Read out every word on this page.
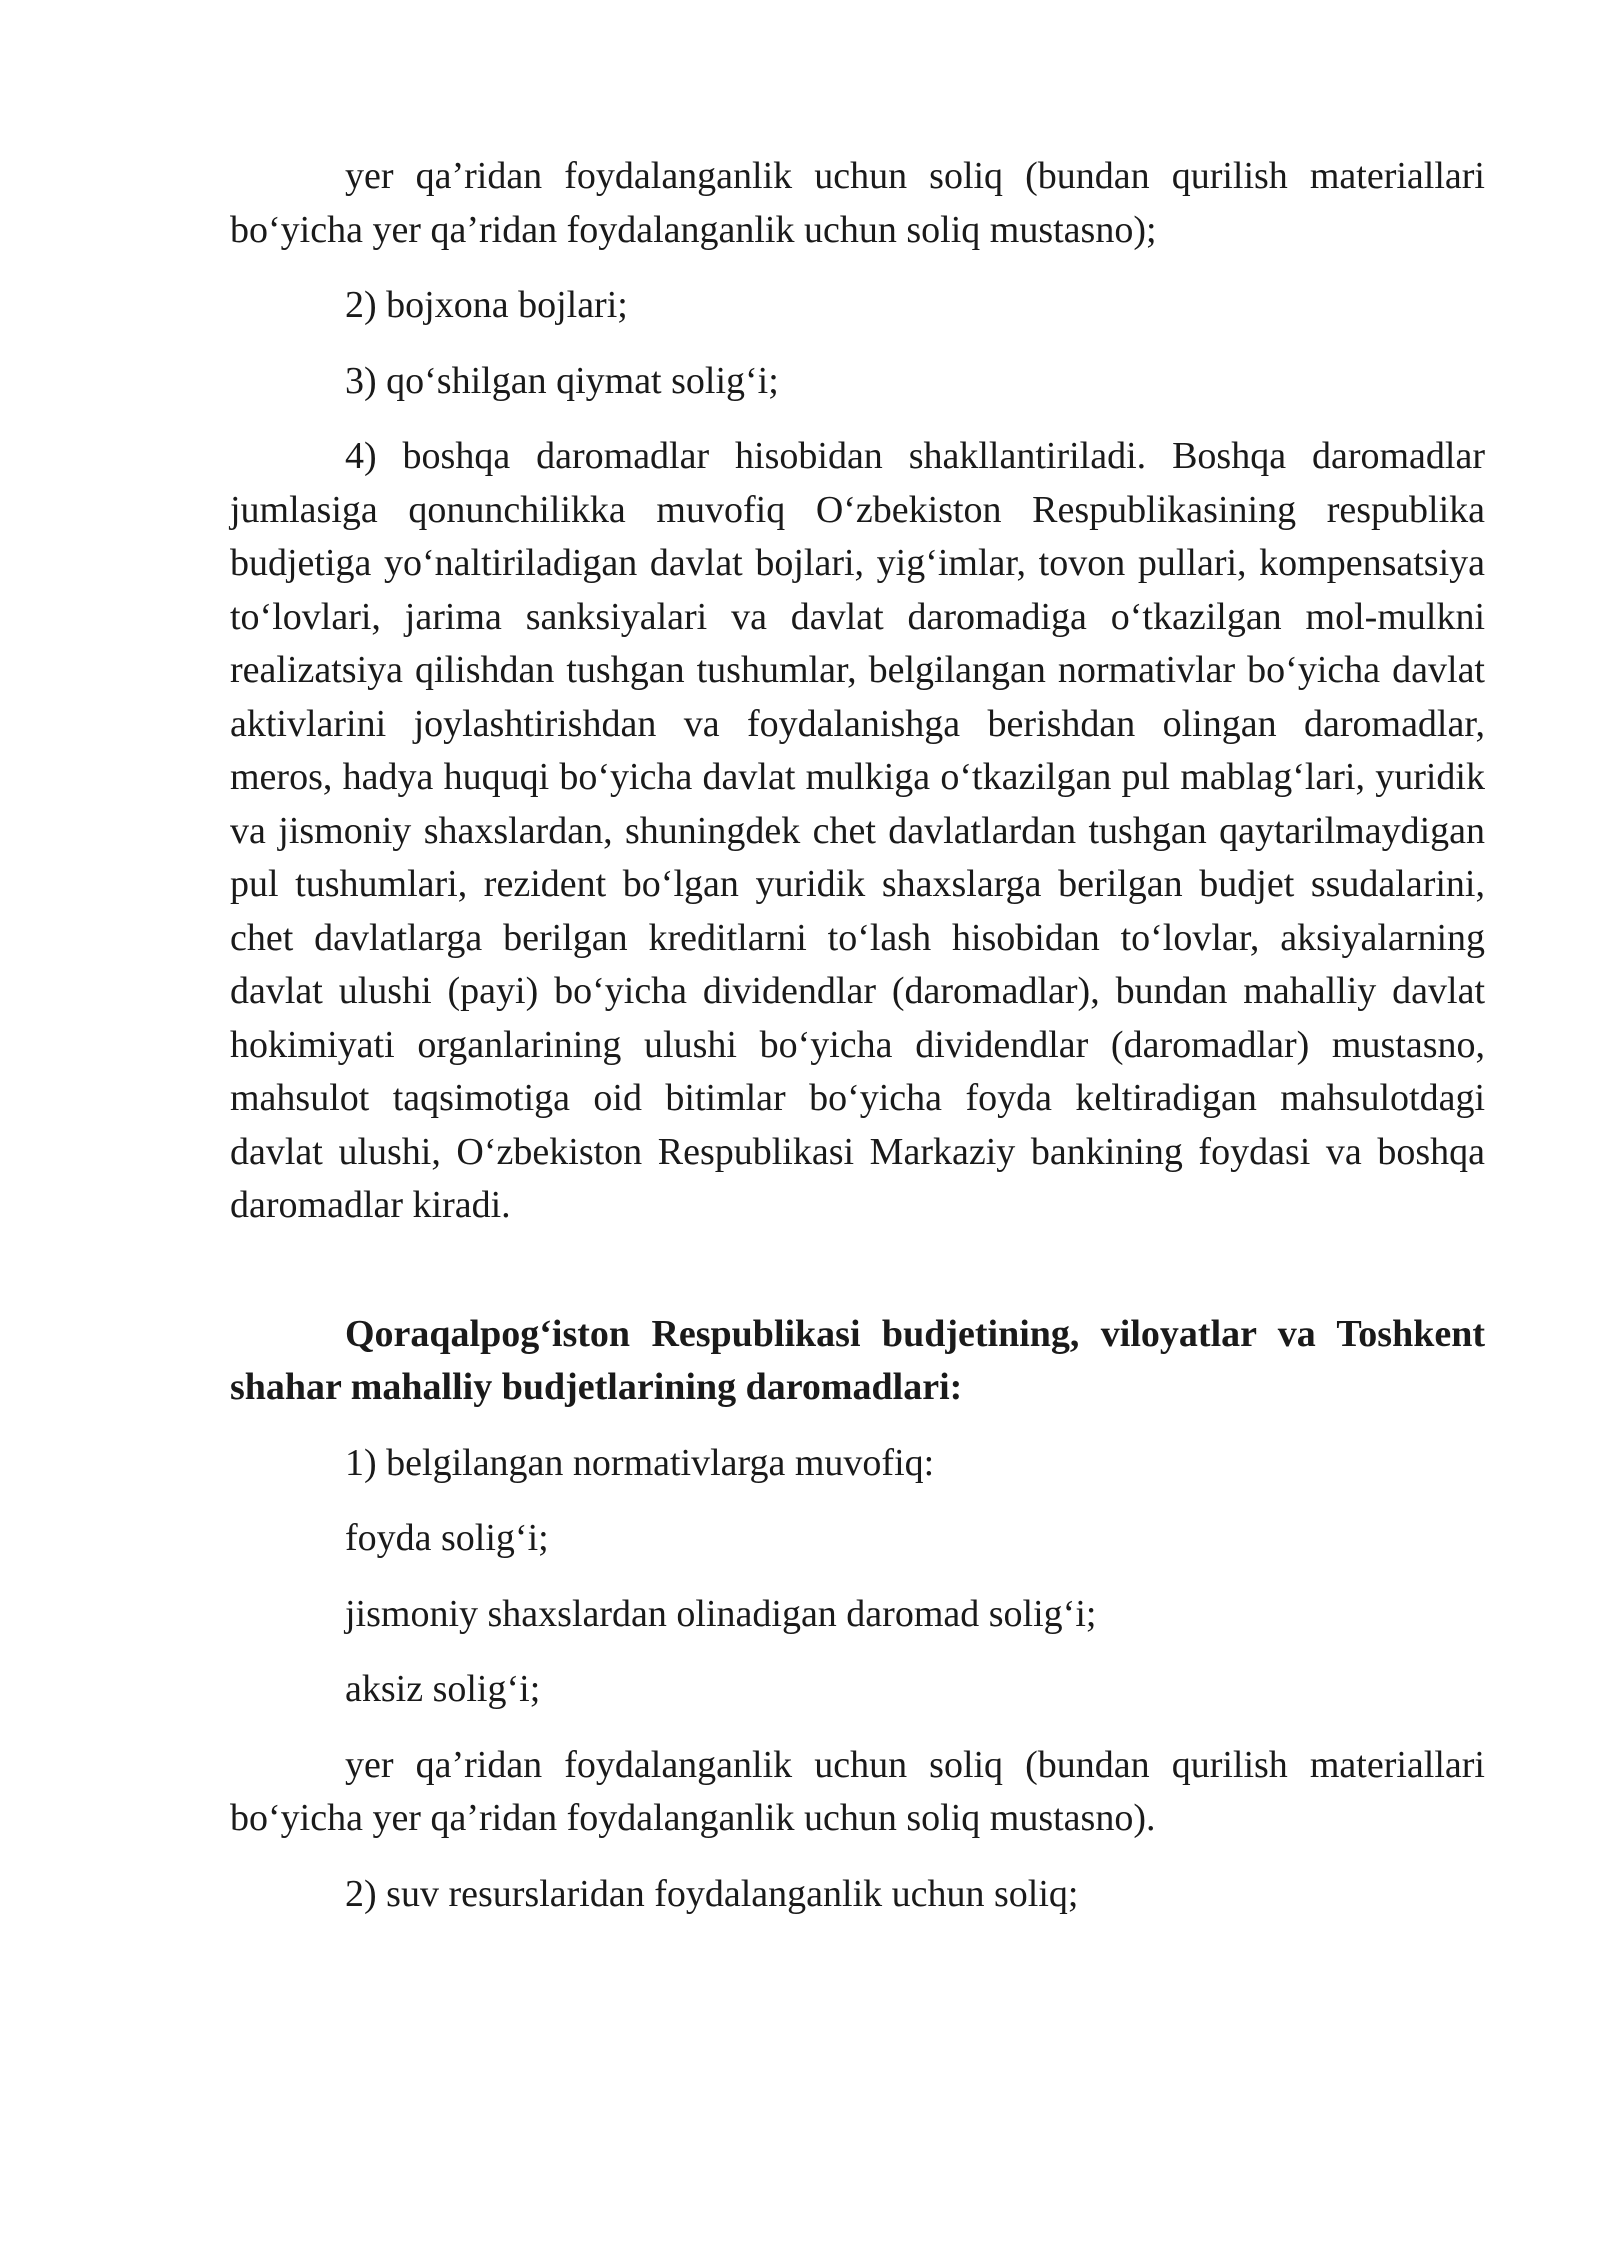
yer qa’ridan foydalanganlik uchun soliq (bundan qurilish materiallari bo‘yicha yer qa’ridan foydalanganlik uchun soliq mustasno);

2) bojxona bojlari;

3) qo‘shilgan qiymat solig‘i;

4) boshqa daromadlar hisobidan shakllantiriladi. Boshqa daromadlar jumlasiga qonunchilikka muvofiq O‘zbekiston Respublikasining respublika budjetiga yo‘naltiriladigan davlat bojlari, yig‘imlar, tovon pullari, kompensatsiya to‘lovlari, jarima sanksiyalari va davlat daromadiga o‘tkazilgan mol-mulkni realizatsiya qilishdan tushgan tushumlar, belgilangan normativlar bo‘yicha davlat aktivlarini joylashtirishdan va foydalanishga berishdan olingan daromadlar, meros, hadya huquqi bo‘yicha davlat mulkiga o‘tkazilgan pul mablag‘lari, yuridik va jismoniy shaxslardan, shuningdek chet davlatlardan tushgan qaytarilmaydigan pul tushumlari, rezident bo‘lgan yuridik shaxslarga berilgan budjet ssudalarini, chet davlatlarga berilgan kreditlarni to‘lash hisobidan to‘lovlar, aksiyalarning davlat ulushi (payi) bo‘yicha dividendlar (daromadlar), bundan mahalliy davlat hokimiyati organlarining ulushi bo‘yicha dividendlar (daromadlar) mustasno, mahsulot taqsimotiga oid bitimlar bo‘yicha foyda keltiradigan mahsulotdagi davlat ulushi, O‘zbekiston Respublikasi Markaziy bankining foydasi va boshqa daromadlar kiradi.

Qoraqalpog‘iston Respublikasi budjetining, viloyatlar va Toshkent shahar mahalliy budjetlarining daromadlari:

1) belgilangan normativlarga muvofiq:

foyda solig‘i;

jismoniy shaxslardan olinadigan daromad solig‘i;

aksiz solig‘i;

yer qa’ridan foydalanganlik uchun soliq (bundan qurilish materiallari bo‘yicha yer qa’ridan foydalanganlik uchun soliq mustasno).

2) suv resurslaridan foydalanganlik uchun soliq;
